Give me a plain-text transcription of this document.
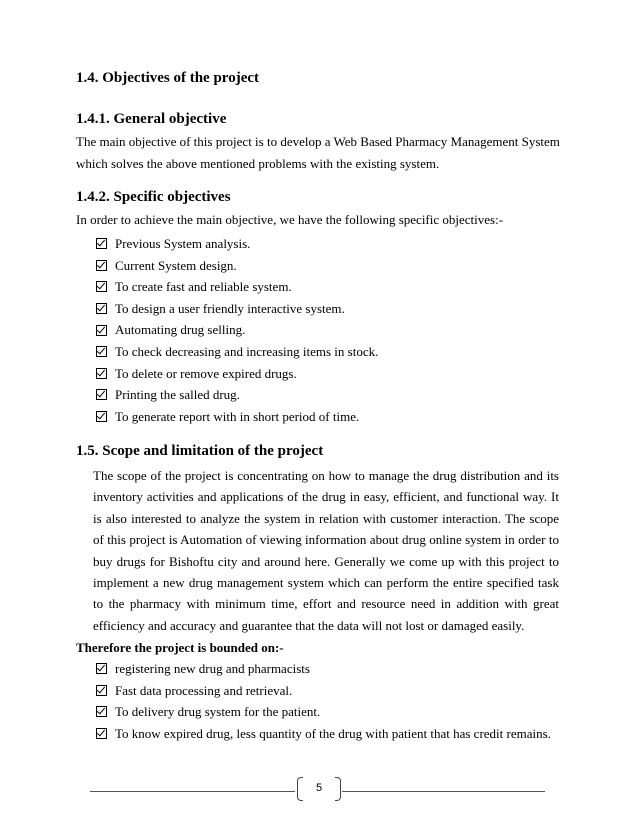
1.4. Objectives of the project
1.4.1. General objective

The main objective of this project is to develop a Web Based Pharmacy Management System

which solves the above mentioned problems with the existing system.

1.4.2. Specific objectives

In order to achieve the main objective, we have the following specific objectives:-

Previous System analysis.
Current System design.
To create fast and reliable system.
To design a user friendly interactive system.
Automating drug selling.
To check decreasing and increasing items in stock.
To delete or remove expired drugs.
Printing the salled drug.
To generate report with in short period of time.
1.5. Scope and limitation of the project

The scope of the project is concentrating on how to manage the drug distribution and its inventory activities and applications of the drug in easy, efficient, and functional way. It is also interested to analyze the system in relation with customer interaction. The scope of this project is Automation of viewing information about drug online system in order to buy drugs for Bishoftu city and around here. Generally we come up with this project to implement a new drug management system which can perform the entire specified task to the pharmacy with minimum time, effort and resource need in addition with great efficiency and accuracy and guarantee that the data will not lost or damaged easily.

Therefore the project is bounded on:-

registering new drug and pharmacists
Fast data processing and retrieval.
To delivery drug system for the patient.
To know expired drug, less quantity of the drug with patient that has credit remains.
5
